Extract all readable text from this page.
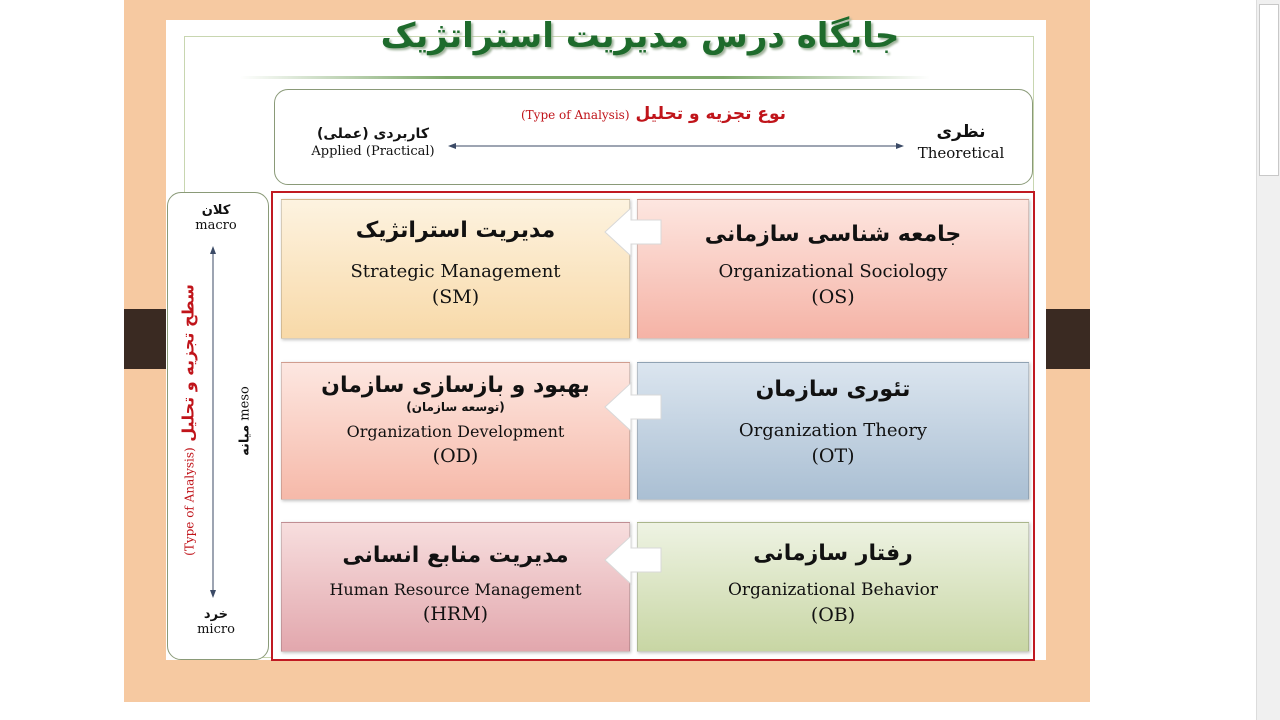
جایگاه درس مدیریت استراتژیک
نوع تجزیه و تحلیل (Type of Analysis)
کاربردی (عملی)
Applied (Practical)
نظری
Theoretical
کلان
macro
خرد
micro
سطح تجزیه و تحلیل (Type of Analysis)	میانه meso
مدیریت استراتژیک
Strategic Management
(SM)
جامعه شناسی سازمانی
Organizational Sociology
(OS)
بهبود و بازسازی سازمان
(توسعه سازمان)
Organization Development
(OD)
تئوری سازمان
Organization Theory
(OT)
مدیریت منابع انسانی
Human Resource Management
(HRM)
رفتار سازمانی
Organizational Behavior
(OB)
